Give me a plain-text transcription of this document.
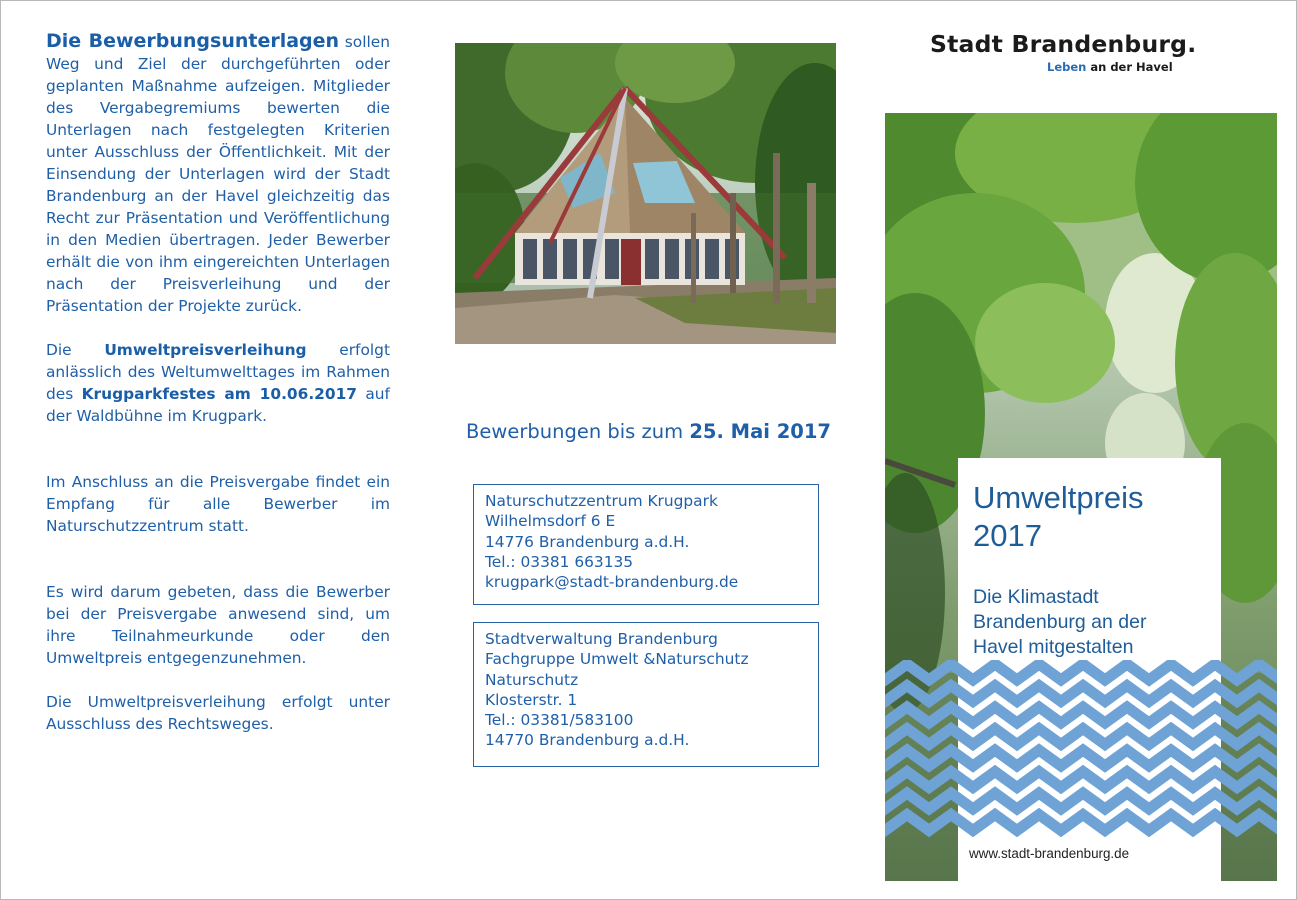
Die Bewerbungsunterlagen sollen Weg und Ziel der durchgeführten oder geplanten Maßnahme aufzeigen. Mitglieder des Vergabegremiums bewerten die Unterlagen nach festgelegten Kriterien unter Ausschluss der Öffentlichkeit. Mit der Einsendung der Unterlagen wird der Stadt Brandenburg an der Havel gleichzeitig das Recht zur Präsentation und Veröffentlichung in den Medien übertragen. Jeder Bewerber erhält die von ihm eingereichten Unterlagen nach der Preisverleihung und der Präsentation der Projekte zurück.

Die Umweltpreisverleihung erfolgt anlässlich des Weltumwelttages im Rahmen des Krugparkfestes am 10.06.2017 auf der Waldbühne im Krugpark.

Im Anschluss an die Preisvergabe findet ein Empfang für alle Bewerber im Naturschutzzentrum statt.

Es wird darum gebeten, dass die Bewerber bei der Preisvergabe anwesend sind, um ihre Teilnahmeurkunde oder den Umweltpreis entgegenzunehmen.

Die Umweltpreisverleihung erfolgt unter Ausschluss des Rechtsweges.

Bewerbungen bis zum 25. Mai 2017
Naturschutzzentrum Krugpark
Wilhelmsdorf 6 E
14776 Brandenburg a.d.H.
Tel.: 03381 663135
krugpark@stadt-brandenburg.de
Stadtverwaltung Brandenburg
Fachgruppe Umwelt &Naturschutz
Naturschutz
Klosterstr. 1
Tel.: 03381/583100
14770 Brandenburg a.d.H.
Stadt Brandenburg.
Leben an der Havel
Umweltpreis
2017
Die Klimastadt
Brandenburg an der
Havel mitgestalten
www.stadt-brandenburg.de
